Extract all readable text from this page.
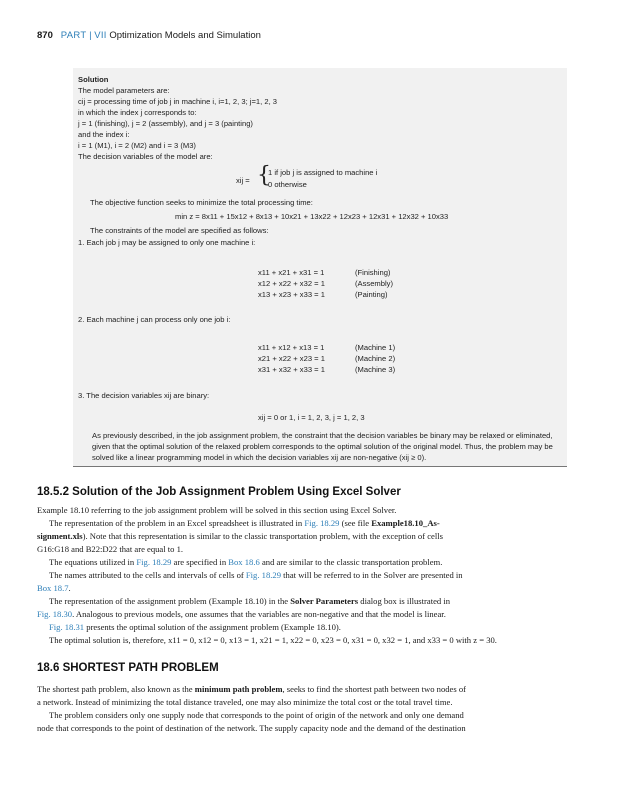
870 PART | VII Optimization Models and Simulation
Solution
The model parameters are:
cij = processing time of job j in machine i, i=1, 2, 3; j=1, 2, 3
in which the index j corresponds to:
j = 1 (finishing), j = 2 (assembly), and j = 3 (painting)
and the index i:
i = 1 (M1), i = 2 (M2) and i = 3 (M3)
The decision variables of the model are:
xij = {
1 if job j is assigned to machine i
0 otherwise
The objective function seeks to minimize the total processing time:
min z = 8x11 + 15x12 + 8x13 + 10x21 + 13x22 + 12x23 + 12x31 + 12x32 + 10x33
The constraints of the model are specified as follows:
1. Each job j may be assigned to only one machine i:
x11 + x21 + x31 = 1
x12 + x22 + x32 = 1
x13 + x23 + x33 = 1
(Finishing)
(Assembly)
(Painting)
2. Each machine j can process only one job i:
x11 + x12 + x13 = 1
x21 + x22 + x23 = 1
x31 + x32 + x33 = 1
(Machine 1)
(Machine 2)
(Machine 3)
3. The decision variables xij are binary:
xij = 0 or 1, i = 1, 2, 3, j = 1, 2, 3
As previously described, in the job assignment problem, the constraint that the decision variables be binary may be relaxed or eliminated, given that the optimal solution of the relaxed problem corresponds to the optimal solution of the original model. Thus, the problem may be solved like a linear programming model in which the decision variables xij are non-negative (xij ≥ 0).
18.5.2 Solution of the Job Assignment Problem Using Excel Solver
Example 18.10 referring to the job assignment problem will be solved in this section using Excel Solver.
The representation of the problem in an Excel spreadsheet is illustrated in Fig. 18.29 (see file Example18.10_As-
signment.xls). Note that this representation is similar to the classic transportation problem, with the exception of cells
G16:G18 and B22:D22 that are equal to 1.
The equations utilized in Fig. 18.29 are specified in Box 18.6 and are similar to the classic transportation problem.
The names attributed to the cells and intervals of cells of Fig. 18.29 that will be referred to in the Solver are presented in
Box 18.7.
The representation of the assignment problem (Example 18.10) in the Solver Parameters dialog box is illustrated in
Fig. 18.30. Analogous to previous models, one assumes that the variables are non-negative and that the model is linear.
Fig. 18.31 presents the optimal solution of the assignment problem (Example 18.10).
The optimal solution is, therefore, x11 = 0, x12 = 0, x13 = 1, x21 = 1, x22 = 0, x23 = 0, x31 = 0, x32 = 1, and x33 = 0 with z = 30.
18.6 SHORTEST PATH PROBLEM
The shortest path problem, also known as the minimum path problem, seeks to find the shortest path between two nodes of
a network. Instead of minimizing the total distance traveled, one may also minimize the total cost or the total travel time.
The problem considers only one supply node that corresponds to the point of origin of the network and only one demand
node that corresponds to the point of destination of the network. The supply capacity node and the demand of the destination
